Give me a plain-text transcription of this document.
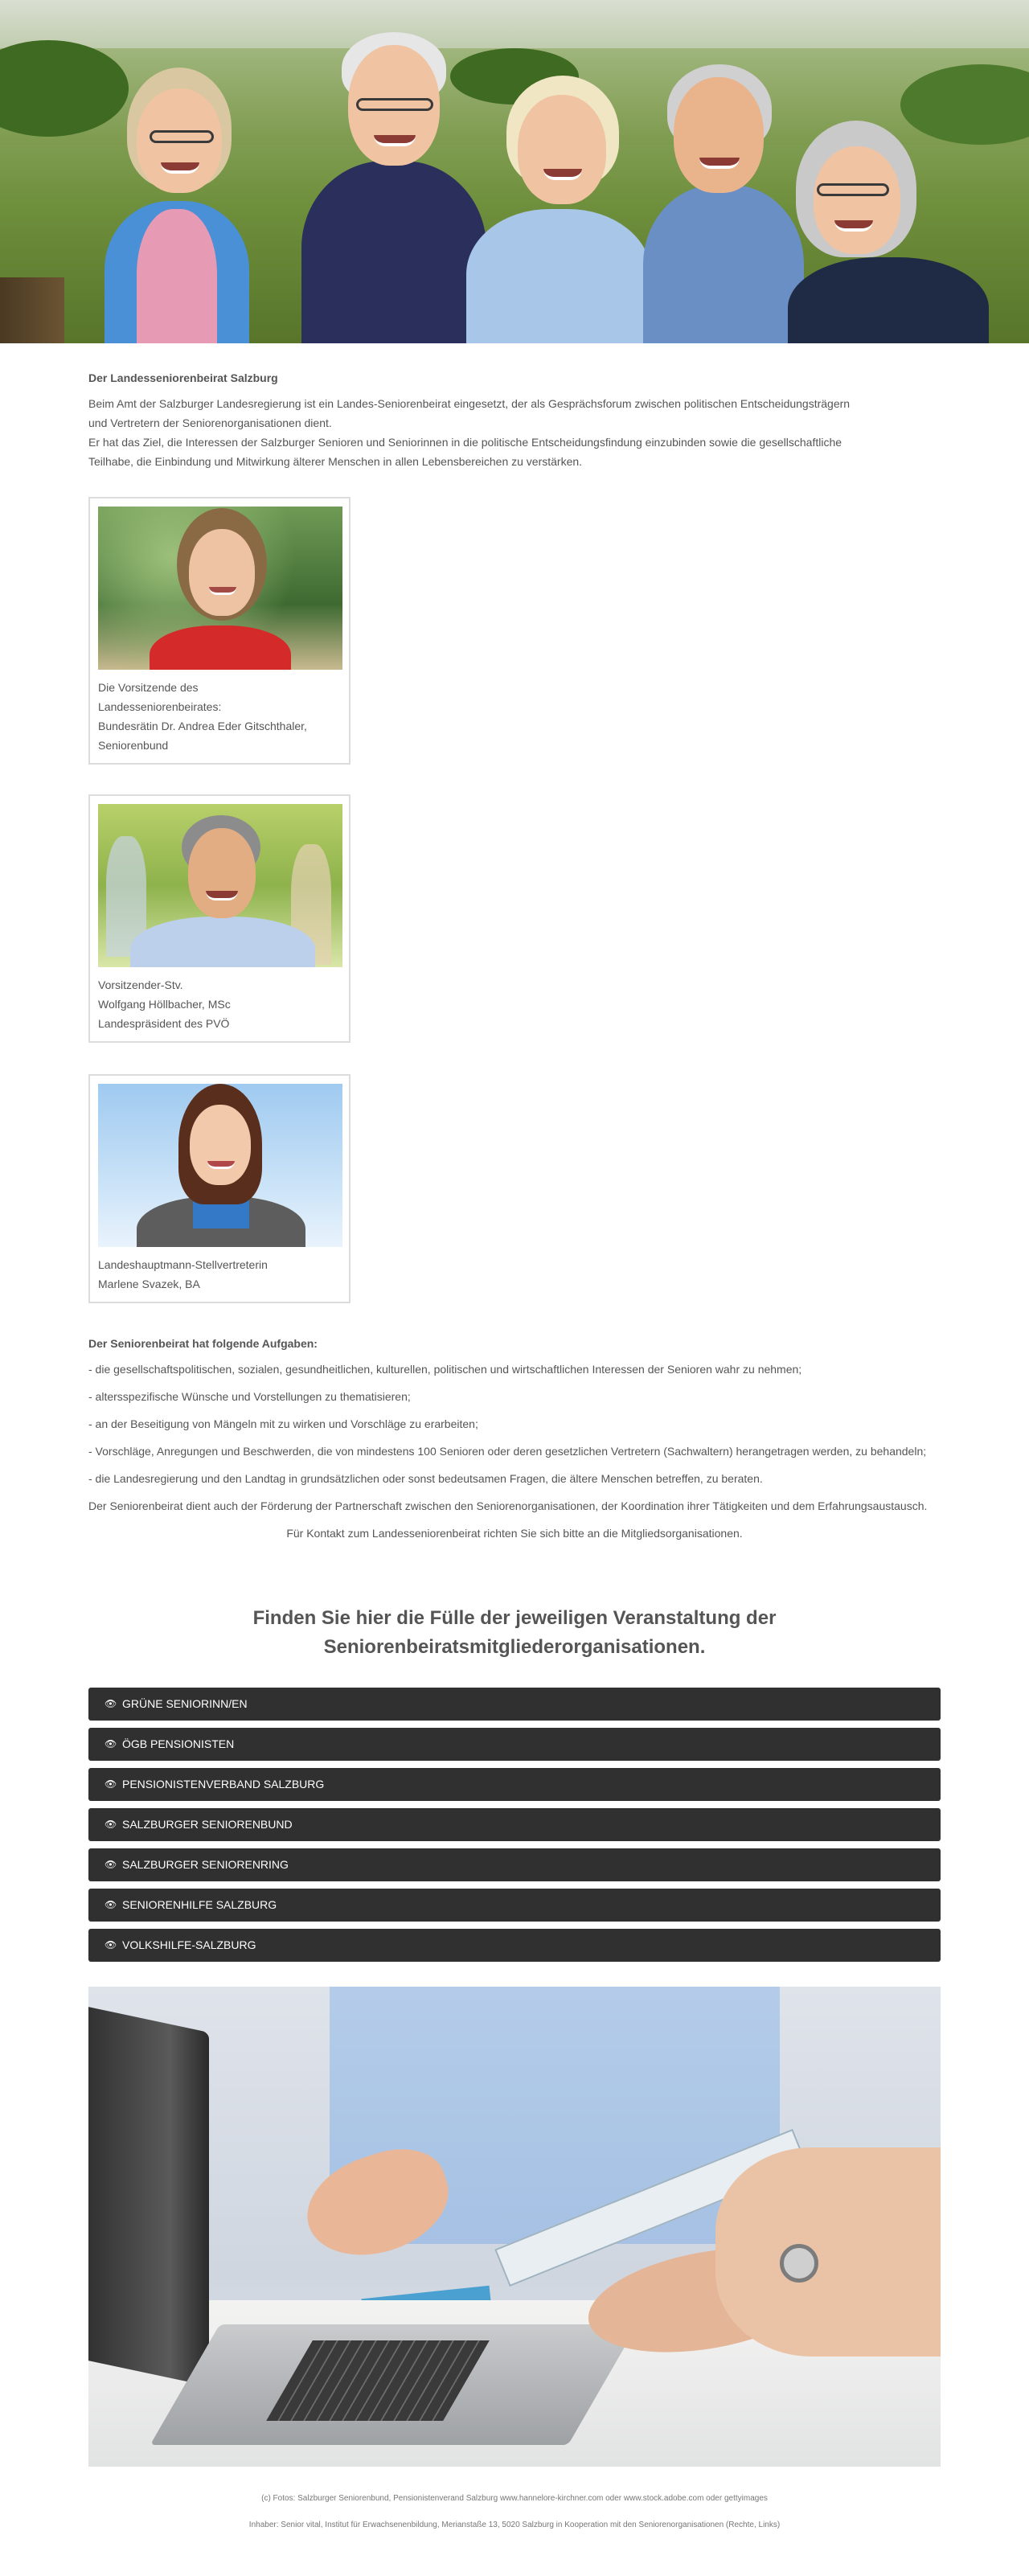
Der Landesseniorenbeirat Salzburg
Beim Amt der Salzburger Landesregierung ist ein Landes-Seniorenbeirat eingesetzt, der als Gesprächsforum zwischen politischen Entscheidungsträgern
und Vertretern der Seniorenorganisationen dient.
Er hat das Ziel, die Interessen der Salzburger Senioren und Seniorinnen in die politische Entscheidungsfindung einzubinden sowie die gesellschaftliche
Teilhabe, die Einbindung und Mitwirkung älterer Menschen in allen Lebensbereichen zu verstärken.
Die Vorsitzende des
Landesseniorenbeirates:
Bundesrätin Dr. Andrea Eder Gitschthaler,
Seniorenbund
Vorsitzender-Stv.
Wolfgang Höllbacher, MSc
Landespräsident des PVÖ
Landeshauptmann-Stellvertreterin
Marlene Svazek, BA
Der Seniorenbeirat hat folgende Aufgaben:

- die gesellschaftspolitischen, sozialen, gesundheitlichen, kulturellen, politischen und wirtschaftlichen Interessen der Senioren wahr zu nehmen;

- altersspezifische Wünsche und Vorstellungen zu thematisieren;

- an der Beseitigung von Mängeln mit zu wirken und Vorschläge zu erarbeiten;

- Vorschläge, Anregungen und Beschwerden, die von mindestens 100 Senioren oder deren gesetzlichen Vertretern (Sachwaltern) herangetragen werden, zu behandeln;

- die Landesregierung und den Landtag in grundsätzlichen oder sonst bedeutsamen Fragen, die ältere Menschen betreffen, zu beraten.

Der Seniorenbeirat dient auch der Förderung der Partnerschaft zwischen den Seniorenorganisationen, der Koordination ihrer Tätigkeiten und dem Erfahrungsaustausch.

Für Kontakt zum Landesseniorenbeirat richten Sie sich bitte an die Mitgliedsorganisationen.

Finden Sie hier die Fülle der jeweiligen Veranstaltung der
Seniorenbeiratsmitgliederorganisationen.
👁 GRÜNE SENIORINN/EN
👁 ÖGB PENSIONISTEN
👁 PENSIONISTENVERBAND SALZBURG
👁 SALZBURGER SENIORENBUND
👁 SALZBURGER SENIORENRING
👁 SENIORENHILFE SALZBURG
👁 VOLKSHILFE-SALZBURG
(c) Fotos: Salzburger Seniorenbund, Pensionistenverand Salzburg www.hannelore-kirchner.com oder www.stock.adobe.com oder gettyimages
Inhaber: Senior vital, Institut für Erwachsenenbildung, Merianstaße 13, 5020 Salzburg in Kooperation mit den Seniorenorganisationen (Rechte, Links)
